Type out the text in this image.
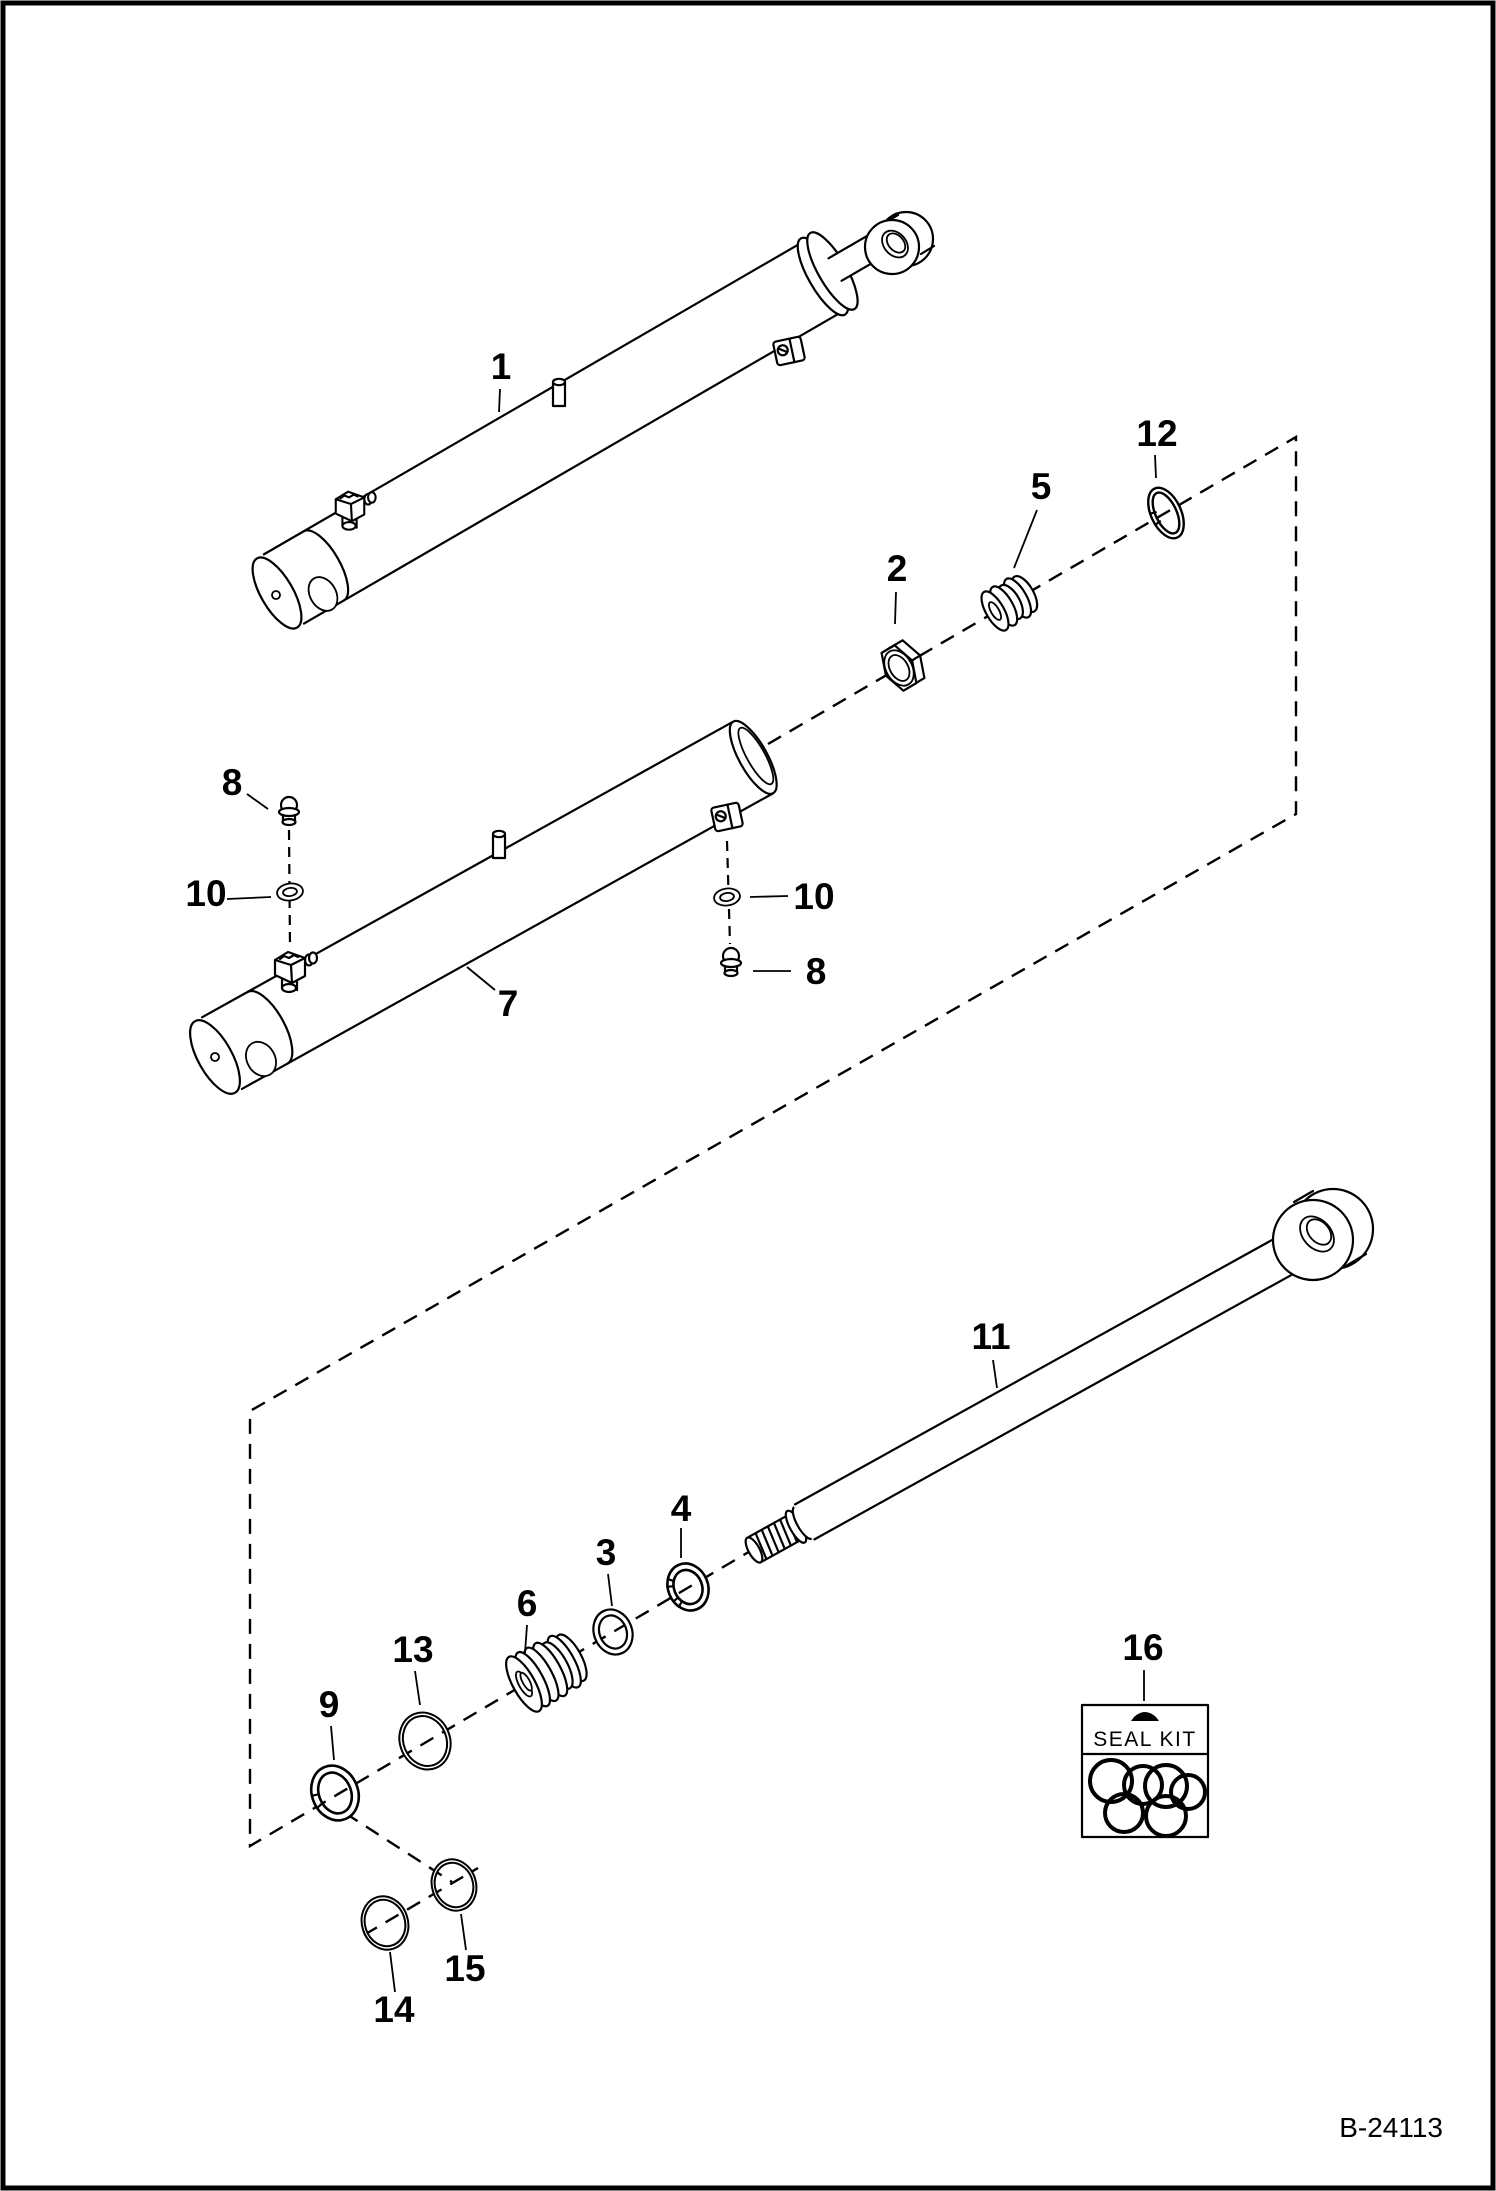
SEAL KIT
1
2
5
12
8
10
7
10
8
11
6
13
9
3
4
15
14
16
B-24113
